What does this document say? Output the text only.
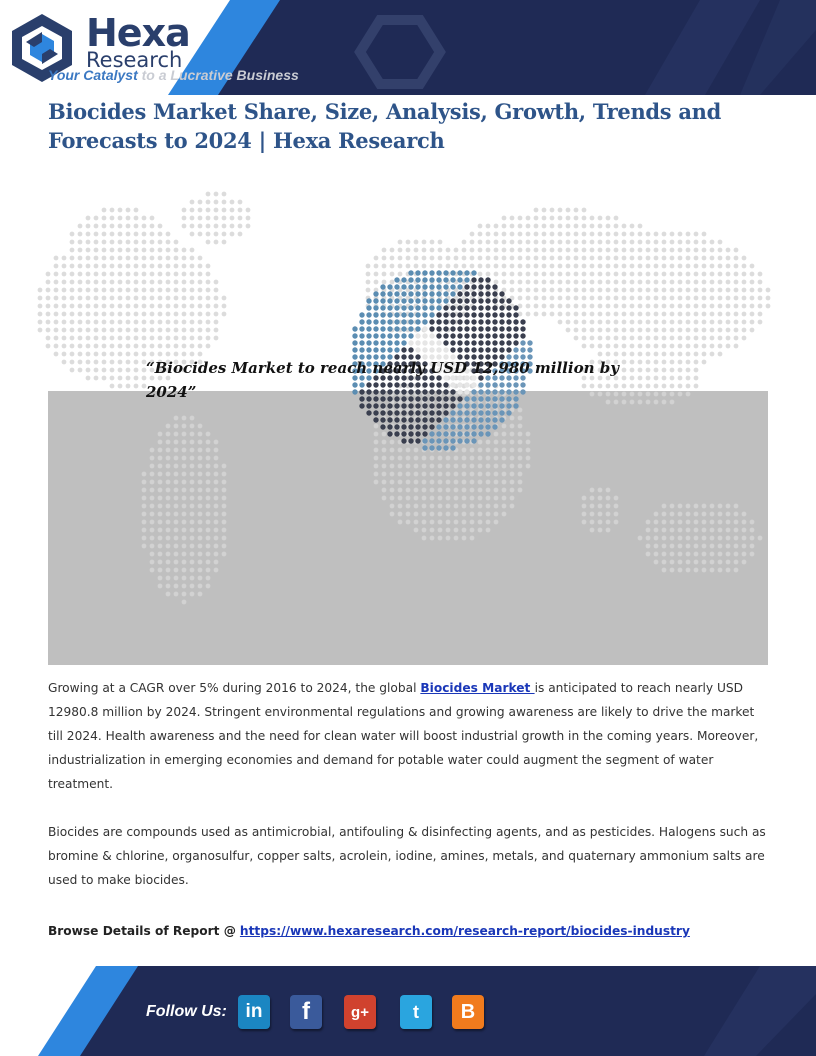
Hexa
Research
Your Catalyst to a Lucrative Business
Biocides Market Share, Size, Analysis, Growth, Trends and Forecasts to 2024 | Hexa Research
“Biocides Market to reach nearly USD 12,980 million by 2024”

Growing at a CAGR over 5% during 2016 to 2024, the global Biocides Market is anticipated to reach nearly USD 12980.8 million by 2024. Stringent environmental regulations and growing awareness are likely to drive the market till 2024. Health awareness and the need for clean water will boost industrial growth in the coming years. Moreover, industrialization in emerging economies and demand for potable water could augment the segment of water treatment.

Biocides are compounds used as antimicrobial, antifouling & disinfecting agents, and as pesticides. Halogens such as bromine & chlorine, organosulfur, copper salts, acrolein, iodine, amines, metals, and quaternary ammonium salts are used to make biocides.

Browse Details of Report @ https://www.hexaresearch.com/research-report/biocides-industry
Follow Us: in	f	g+	t	B
